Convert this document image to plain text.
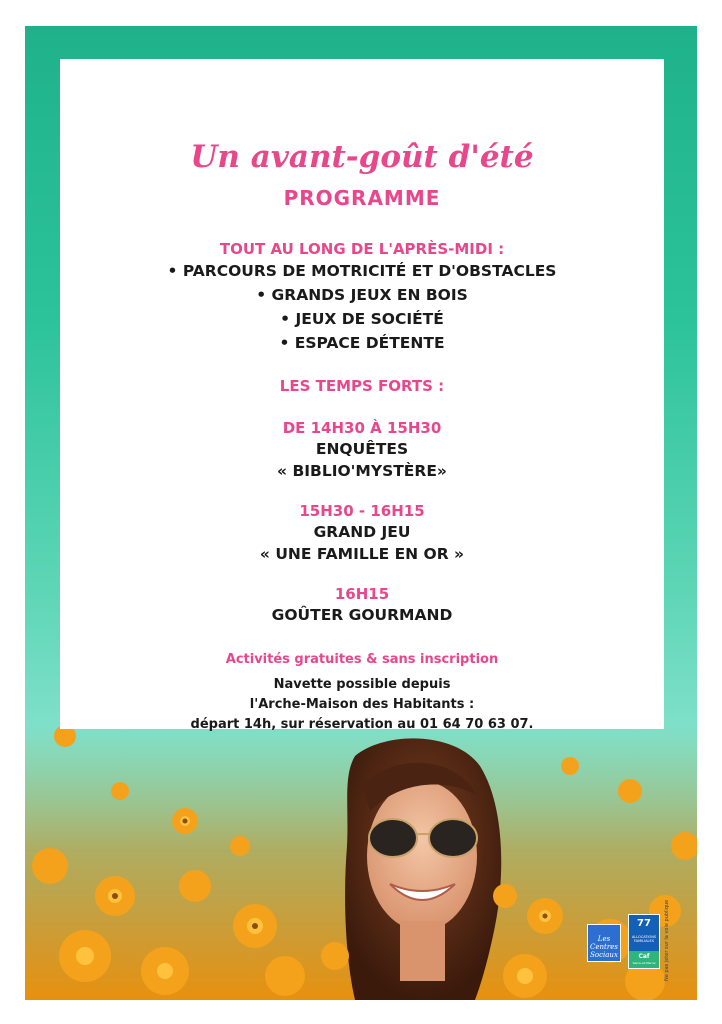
Un avant-goût d'été
PROGRAMME
TOUT AU LONG DE L'APRÈS-MIDI :
• PARCOURS DE MOTRICITÉ ET D'OBSTACLES
• GRANDS JEUX EN BOIS
• JEUX DE SOCIÉTÉ
• ESPACE DÉTENTE
LES TEMPS FORTS :
DE 14H30 À 15H30
ENQUÊTES
« BIBLIO'MYSTÈRE»
15H30 - 16H15
GRAND JEU
« UNE FAMILLE EN OR »
16H15
GOÛTER GOURMAND
Activités gratuites & sans inscription
Navette possible depuis
l'Arche-Maison des Habitants :
départ 14h, sur réservation au 01 64 70 63 07.
Les Centres Sociaux
77
ALLOCATIONS FAMILIALES
Caf
Seine-et-Marne	Ne pas jeter sur la voie publique
